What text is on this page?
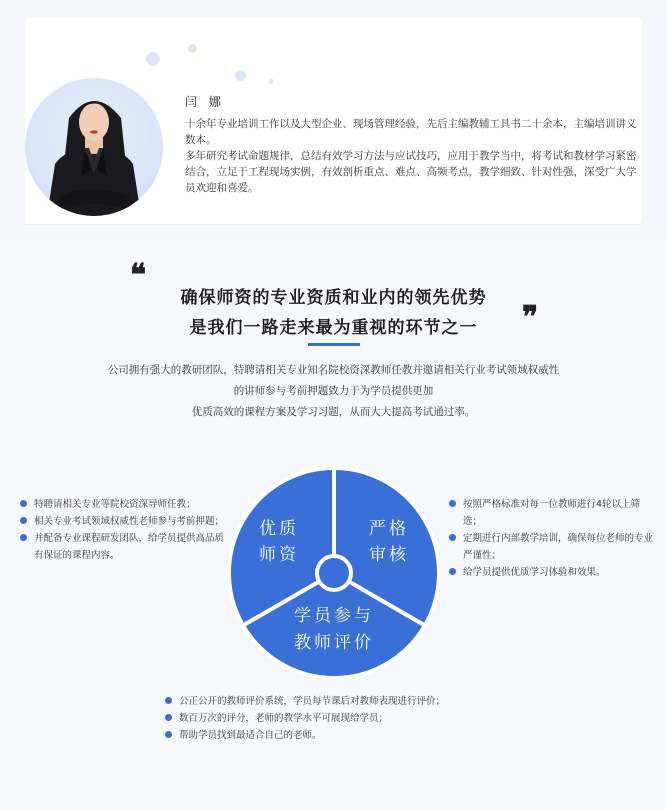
闫 娜

十余年专业培训工作以及大型企业、现场管理经验，先后主编教辅工具书二十余本，主编培训讲义数本。

多年研究考试命题规律，总结有效学习方法与应试技巧，应用于教学当中，将考试和教材学习紧密结合，立足于工程现场实例，有效剖析重点、难点、高频考点，教学细致、针对性强，深受广大学员欢迎和喜爱。

❝
确保师资的专业资质和业内的领先优势
是我们一路走来最为重视的环节之一	❞

公司拥有强大的教研团队，特聘请相关专业知名院校资深教师任教并邀请相关行业考试领域权威性

的讲师参与考前押题致力于为学员提供更加

优质高效的课程方案及学习习题，从而大大提高考试通过率。

特聘请相关专业等院校资深导师任教；
相关专业考试领域权威性老师参与考前押题；
并配备专业课程研发团队，给学员提供高品质有保证的课程内容。
按照严格标准对每一位教师进行4轮以上筛选；
定期进行内部教学培训，确保每位老师的专业严谨性；
给学员提供优质学习体验和效果。
优质
师资
严格
审核
学员参与
教师评价
公正公开的教师评价系统，学员每节课后对教师表现进行评价；
数百万次的评分，老师的教学水平可展现给学员；
帮助学员找到最适合自己的老师。
